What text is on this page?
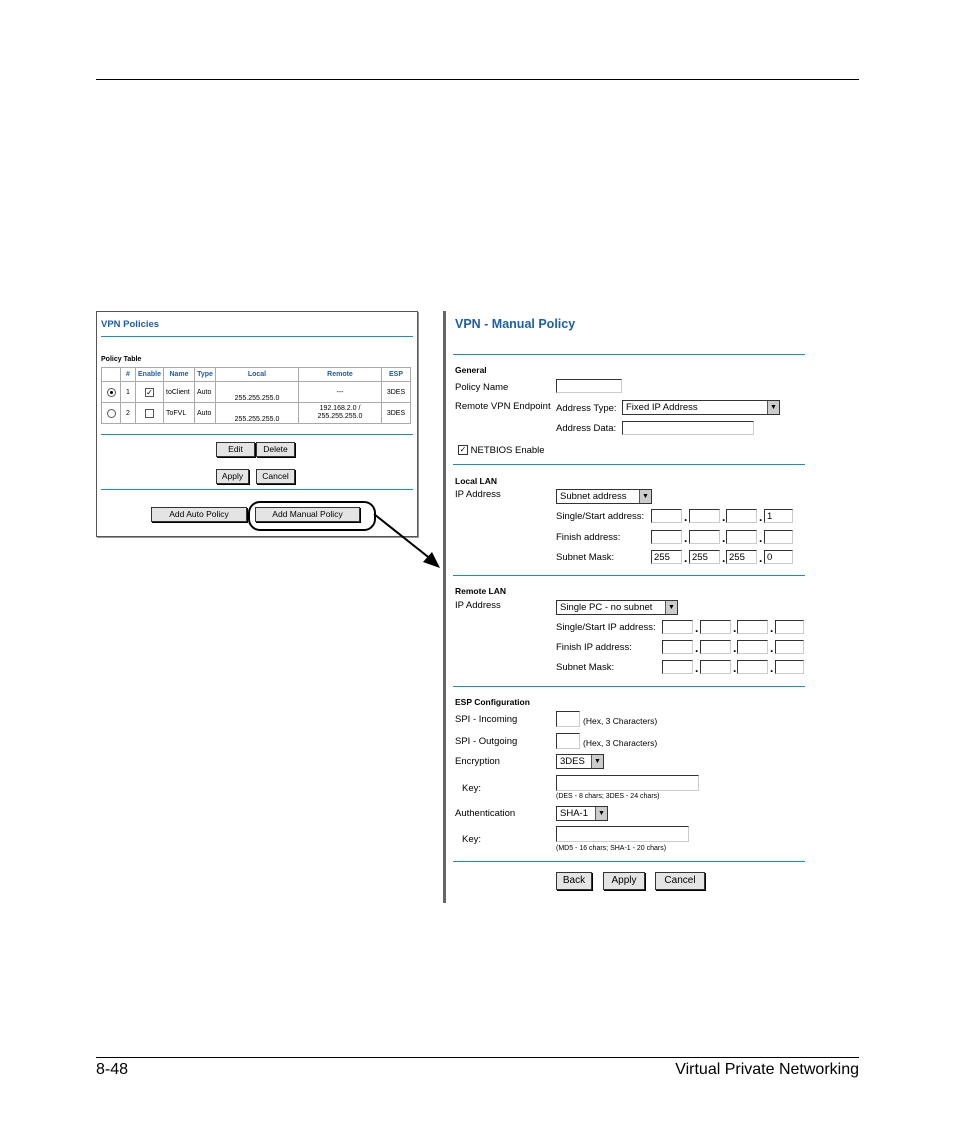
8-48	Virtual Private Networking
VPN Policies
Policy Table
	#	Enable	Name	Type	Local	Remote	ESP
	1	✓	toClient	Auto	255.255.255.0	---	3DES
	2		ToFVL	Auto	255.255.255.0	192.168.2.0 / 255.255.255.0	3DES
Edit	Delete
Apply	Cancel
Add Auto Policy	Add Manual Policy
VPN - Manual Policy
General
Policy Name
Remote VPN Endpoint Address Type: Fixed IP Address	▼
Address Data:
✓ NETBIOS Enable
Local LAN
IP Address	Subnet address	▼
Single/Start address:	.	.	. 1
Finish address:	.	.	.
Subnet Mask:	255	. 255	. 255	. 0
Remote LAN
IP Address	Single PC - no subnet	▼
Single/Start IP address:	.	.	.
Finish IP address:	.	.	.
Subnet Mask:	.	.	.
ESP Configuration
SPI - Incoming	(Hex, 3 Characters)
SPI - Outgoing	(Hex, 3 Characters)
Encryption	3DES	▼
Key:
(DES - 8 chars; 3DES - 24 chars)
Authentication	SHA-1	▼
Key:
(MD5 - 16 chars; SHA-1 - 20 chars)
Back	Apply	Cancel
